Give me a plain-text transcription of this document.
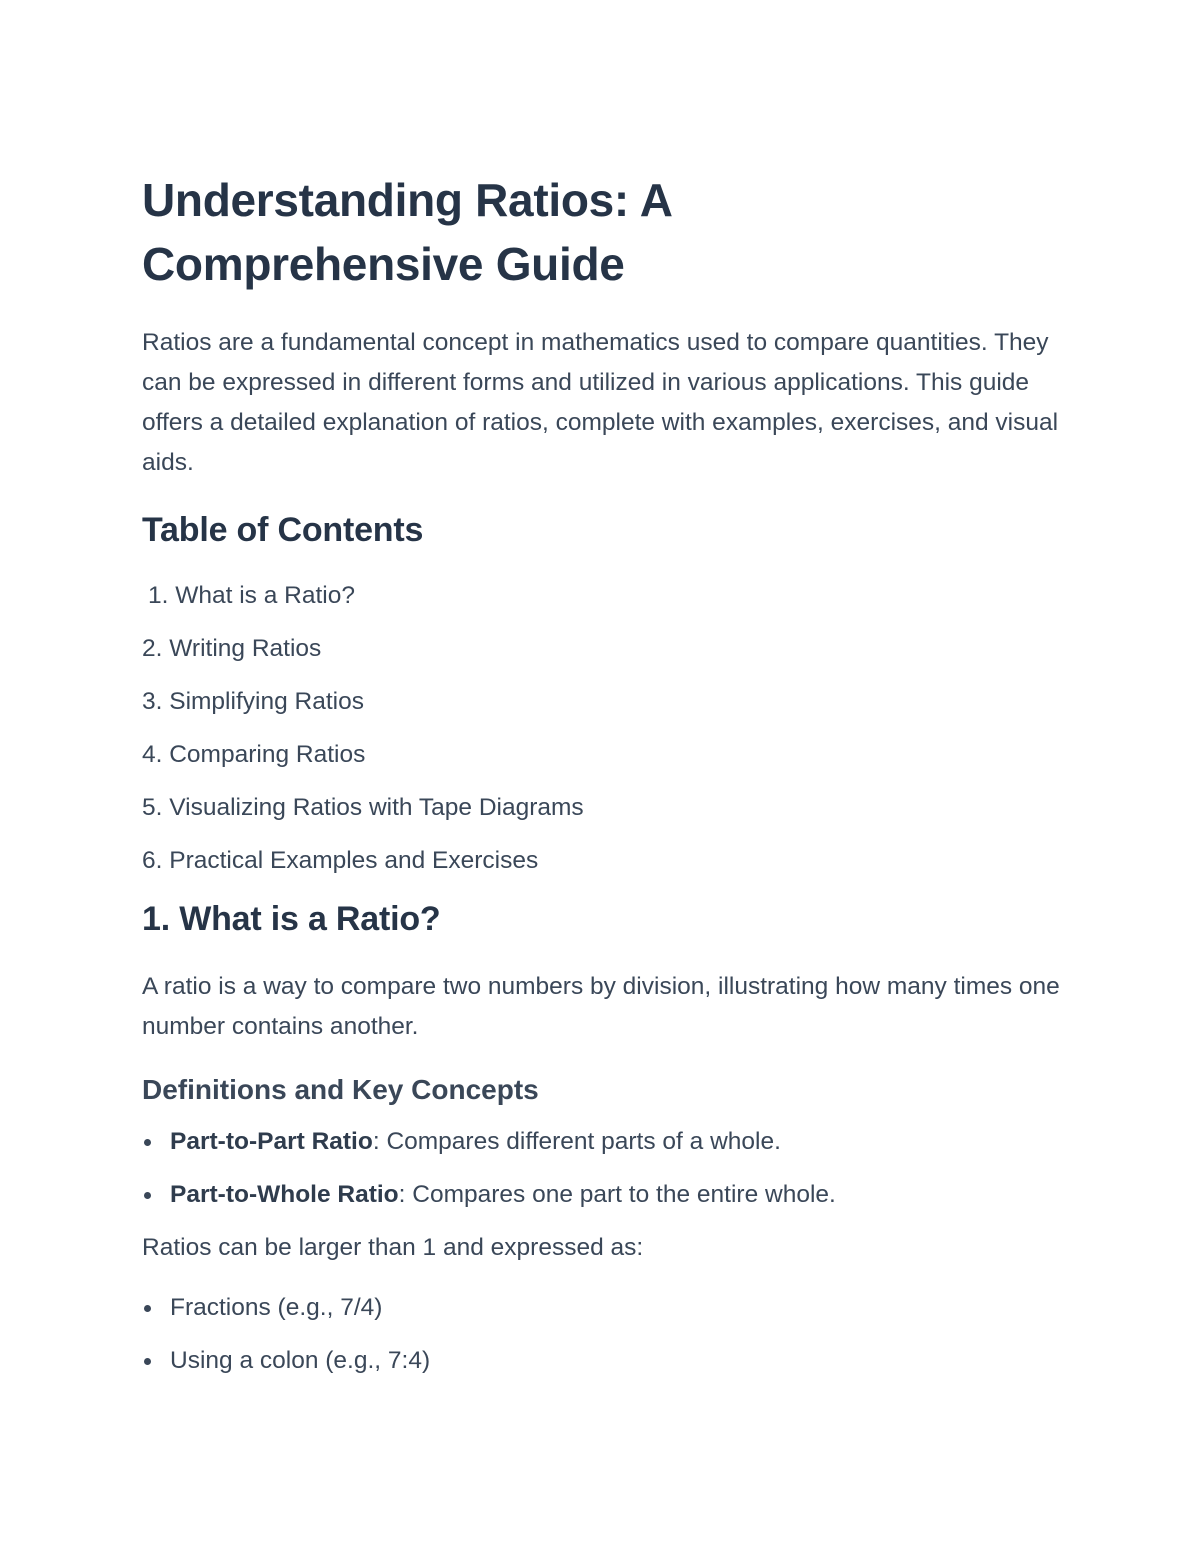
Understanding Ratios: A Comprehensive Guide

Ratios are a fundamental concept in mathematics used to compare quantities. They can be expressed in different forms and utilized in various applications. This guide offers a detailed explanation of ratios, complete with examples, exercises, and visual aids.

Table of Contents
1. What is a Ratio?
2. Writing Ratios
3. Simplifying Ratios
4. Comparing Ratios
5. Visualizing Ratios with Tape Diagrams
6. Practical Examples and Exercises
1. What is a Ratio?

A ratio is a way to compare two numbers by division, illustrating how many times one number contains another.

Definitions and Key Concepts
Part-to-Part Ratio: Compares different parts of a whole.
Part-to-Whole Ratio: Compares one part to the entire whole.

Ratios can be larger than 1 and expressed as:

Fractions (e.g., 7/4)
Using a colon (e.g., 7:4)
